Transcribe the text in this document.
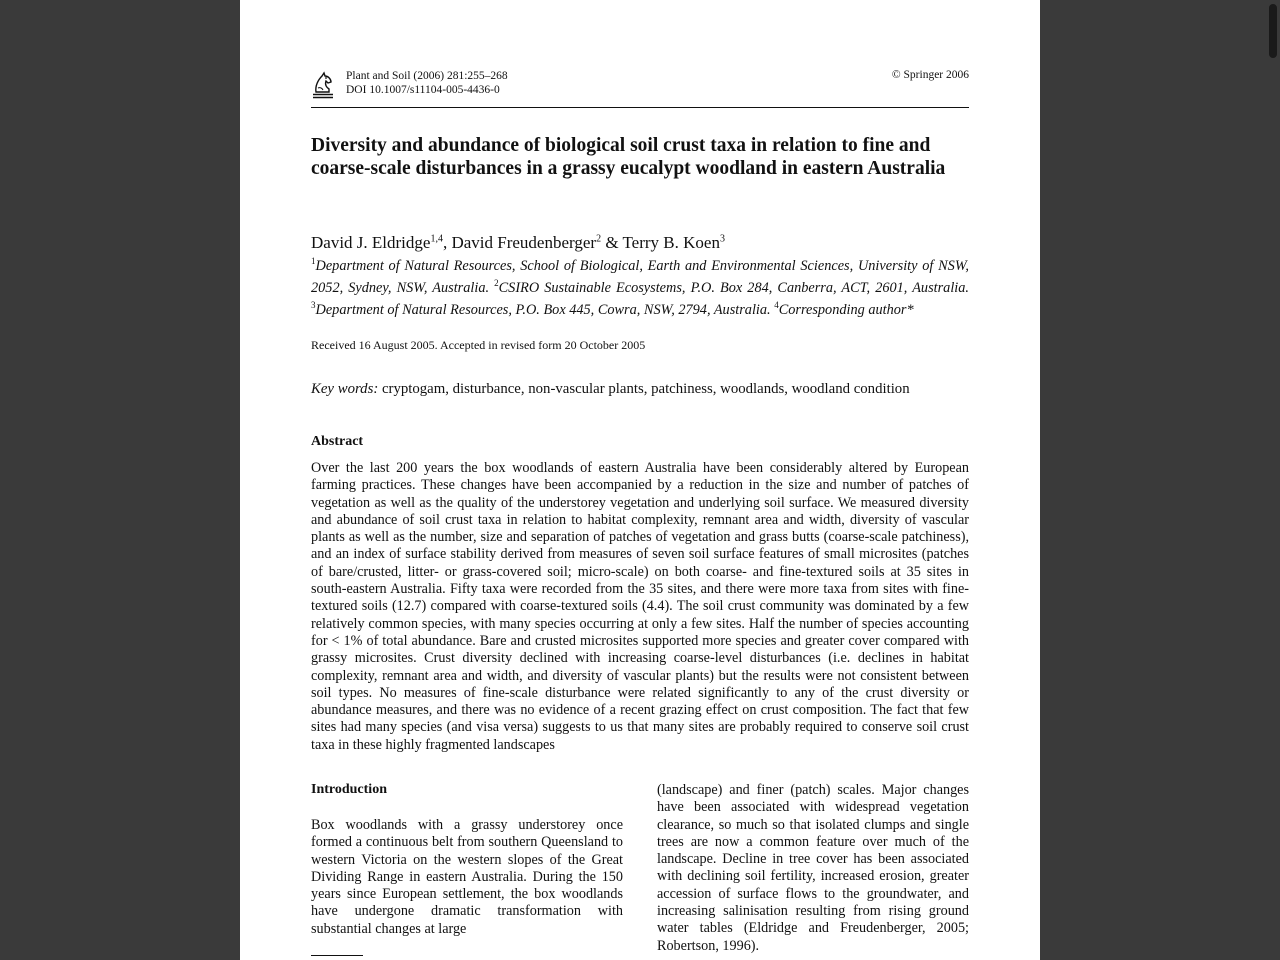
Plant and Soil (2006) 281:255–268
DOI 10.1007/s11104-005-4436-0
© Springer 2006
Diversity and abundance of biological soil crust taxa in relation to fine and coarse-scale disturbances in a grassy eucalypt woodland in eastern Australia
David J. Eldridge$^{1,4}$, David Freudenberger$^2$ & Terry B. Koen$^3$
$^1$Department of Natural Resources, School of Biological, Earth and Environmental Sciences, University of NSW, 2052, Sydney, NSW, Australia. $^2$CSIRO Sustainable Ecosystems, P.O. Box 284, Canberra, ACT, 2601, Australia. $^3$Department of Natural Resources, P.O. Box 445, Cowra, NSW, 2794, Australia. $^4$Corresponding author*
Received 16 August 2005. Accepted in revised form 20 October 2005
Key words: cryptogam, disturbance, non-vascular plants, patchiness, woodlands, woodland condition
Abstract

Over the last 200 years the box woodlands of eastern Australia have been considerably altered by European farming practices. These changes have been accompanied by a reduction in the size and number of patches of vegetation as well as the quality of the understorey vegetation and underlying soil surface. We measured diversity and abundance of soil crust taxa in relation to habitat complexity, remnant area and width, diversity of vascular plants as well as the number, size and separation of patches of vegetation and grass butts (coarse-scale patchiness), and an index of surface stability derived from measures of seven soil surface features of small microsites (patches of bare/crusted, litter- or grass-covered soil; micro-scale) on both coarse- and fine-textured soils at 35 sites in south-eastern Australia. Fifty taxa were recorded from the 35 sites, and there were more taxa from sites with fine-textured soils (12.7) compared with coarse-textured soils (4.4). The soil crust community was dominated by a few relatively common species, with many species occurring at only a few sites. Half the number of species accounting for < 1% of total abundance. Bare and crusted microsites supported more species and greater cover compared with grassy microsites. Crust diversity declined with increasing coarse-level disturbances (i.e. declines in habitat complexity, remnant area and width, and diversity of vascular plants) but the results were not consistent between soil types. No measures of fine-scale disturbance were related significantly to any of the crust diversity or abundance measures, and there was no evidence of a recent grazing effect on crust composition. The fact that few sites had many species (and visa versa) suggests to us that many sites are probably required to conserve soil crust taxa in these highly fragmented landscapes

Introduction

Box woodlands with a grassy understorey once formed a continuous belt from southern Queensland to western Victoria on the western slopes of the Great Dividing Range in eastern Australia. During the 150 years since European settlement, the box woodlands have undergone dramatic transformation with substantial changes at large

(landscape) and finer (patch) scales. Major changes have been associated with widespread vegetation clearance, so much so that isolated clumps and single trees are now a common feature over much of the landscape. Decline in tree cover has been associated with declining soil fertility, increased erosion, greater accession of surface flows to the groundwater, and increasing salinisation resulting from rising ground water tables (Eldridge and Freudenberger, 2005; Robertson, 1996).
